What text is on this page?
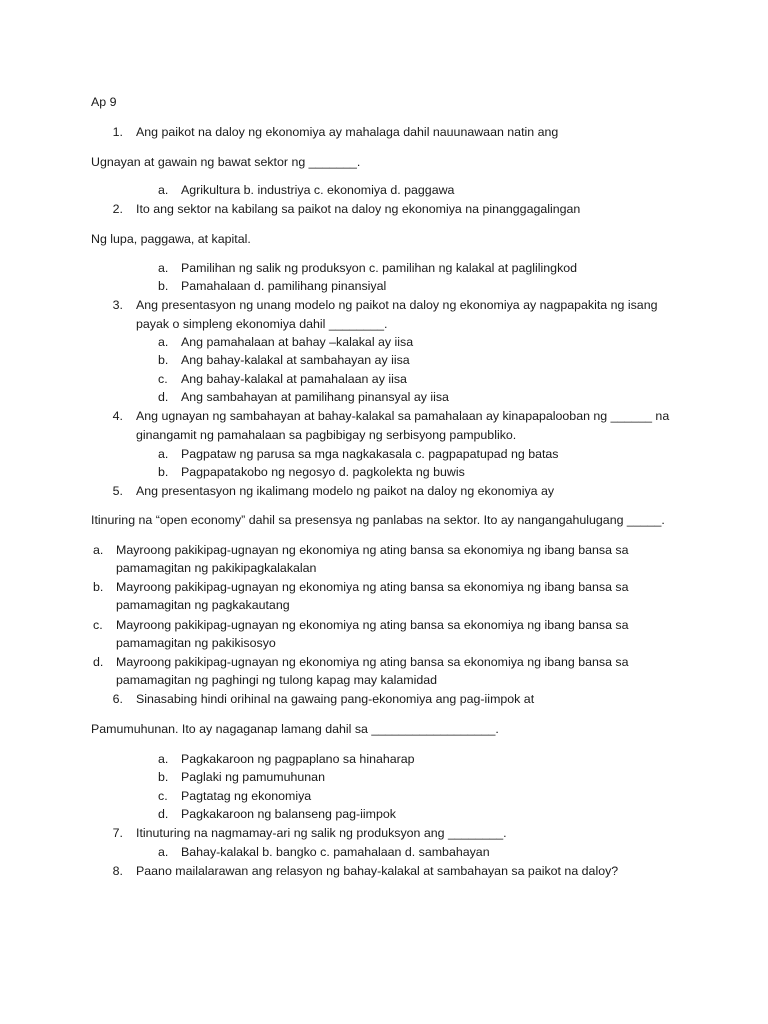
Ap 9
1. Ang paikot na daloy ng ekonomiya ay mahalaga dahil nauunawaan natin ang
Ugnayan at gawain ng bawat sektor ng _______.
a. Agrikultura b. industriya c. ekonomiya d. paggawa
2. Ito ang sektor na kabilang sa paikot na daloy ng ekonomiya na pinanggagalingan
Ng lupa, paggawa, at kapital.
a. Pamilihan ng salik ng produksyon c. pamilihan ng kalakal at paglilingkod
b. Pamahalaan d. pamilihang pinansiyal
3. Ang presentasyon ng unang modelo ng paikot na daloy ng ekonomiya ay nagpapakita ng isang
payak o simpleng ekonomiya dahil ________.
a. Ang pamahalaan at bahay –kalakal ay iisa
b. Ang bahay-kalakal at sambahayan ay iisa
c. Ang bahay-kalakal at pamahalaan ay iisa
d. Ang sambahayan at pamilihang pinansyal ay iisa
4. Ang ugnayan ng sambahayan at bahay-kalakal sa pamahalaan ay kinapapalooban ng ______ na
ginangamit ng pamahalaan sa pagbibigay ng serbisyong pampubliko.
a. Pagpataw ng parusa sa mga nagkakasala c. pagpapatupad ng batas
b. Pagpapatakobo ng negosyo d. pagkolekta ng buwis
5. Ang presentasyon ng ikalimang modelo ng paikot na daloy ng ekonomiya ay
Itinuring na “open economy” dahil sa presensya ng panlabas na sektor. Ito ay nangangahulugang _____.
a. Mayroong pakikipag-ugnayan ng ekonomiya ng ating bansa sa ekonomiya ng ibang bansa sa
pamamagitan ng pakikipagkalakalan
b. Mayroong pakikipag-ugnayan ng ekonomiya ng ating bansa sa ekonomiya ng ibang bansa sa
pamamagitan ng pagkakautang
c. Mayroong pakikipag-ugnayan ng ekonomiya ng ating bansa sa ekonomiya ng ibang bansa sa
pamamagitan ng pakikisosyo
d. Mayroong pakikipag-ugnayan ng ekonomiya ng ating bansa sa ekonomiya ng ibang bansa sa
pamamagitan ng paghingi ng tulong kapag may kalamidad
6. Sinasabing hindi orihinal na gawaing pang-ekonomiya ang pag-iimpok at
Pamumuhunan. Ito ay nagaganap lamang dahil sa __________________.
a. Pagkakaroon ng pagpaplano sa hinaharap
b. Paglaki ng pamumuhunan
c. Pagtatag ng ekonomiya
d. Pagkakaroon ng balanseng pag-iimpok
7. Itinuturing na nagmamay-ari ng salik ng produksyon ang ________.
a. Bahay-kalakal b. bangko c. pamahalaan d. sambahayan
8. Paano mailalarawan ang relasyon ng bahay-kalakal at sambahayan sa paikot na daloy?
